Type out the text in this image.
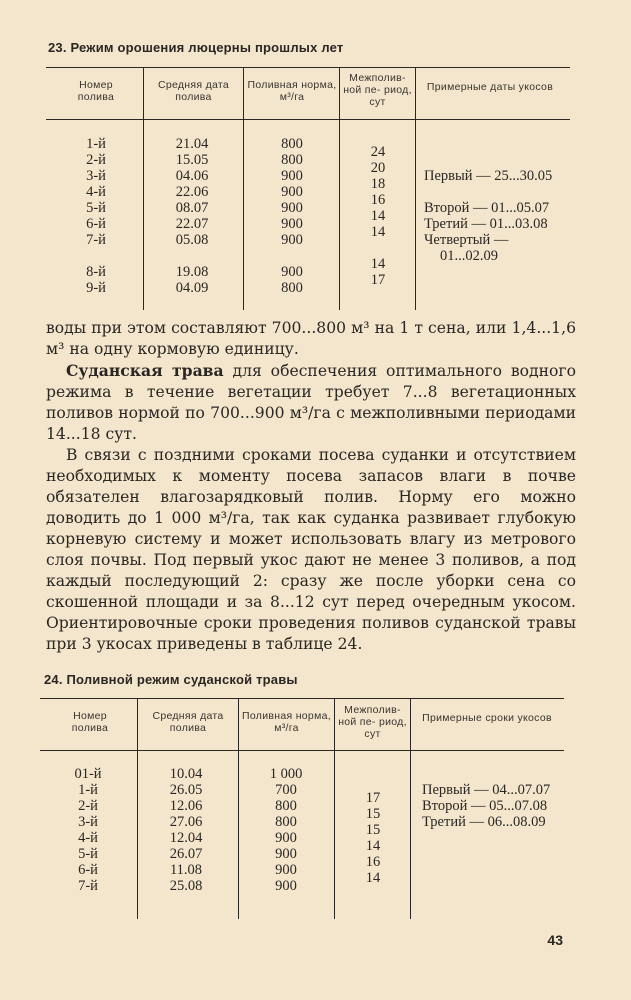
23. Режим орошения люцерны прошлых лет
Номер полива
Средняя дата полива
Поливная норма, м³/га
Межполив- ной пе- риод, сут
Примерные даты укосов
1-й
2-й
3-й
4-й
5-й
6-й
7-й
8-й
9-й
21.04
15.05
04.06
22.06
08.07
22.07
05.08
19.08
04.09
800
800
900
900
900
900
900
900
800
24
20
18
16
14
14
14
17
Первый — 25...30.05
Второй — 01...05.07
Третий — 01...03.08
Четвертый —
01...02.09

воды при этом составляют 700...800 м³ на 1 т сена, или 1,4...1,6 м³ на одну кормовую единицу.

Суданская трава для обеспечения оптимального водного режима в течение вегетации требует 7...8 вегетационных поливов нормой по 700...900 м³/га с межполивными периодами 14...18 сут.

В связи с поздними сроками посева суданки и отсутствием необходимых к моменту посева запасов влаги в почве обязателен влагозарядковый полив. Норму его можно доводить до 1 000 м³/га, так как суданка развивает глубокую корневую систему и может использовать влагу из метрового слоя почвы. Под первый укос дают не менее 3 поливов, а под каждый последующий 2: сразу же после уборки сена со скошенной площади и за 8...12 сут перед очередным укосом. Ориентировочные сроки проведения поливов суданской травы при 3 укосах приведены в таблице 24.

24. Поливной режим суданской травы
Номер полива
Средняя дата полива
Поливная норма, м³/га
Межполив- ной пе- риод, сут
Примерные сроки укосов
01-й
1-й
2-й
3-й
4-й
5-й
6-й
7-й
10.04
26.05
12.06
27.06
12.04
26.07
11.08
25.08
1 000
700
800
800
900
900
900
900
17
15
15
14
16
14
Первый — 04...07.07
Второй — 05...07.08
Третий — 06...08.09
43
